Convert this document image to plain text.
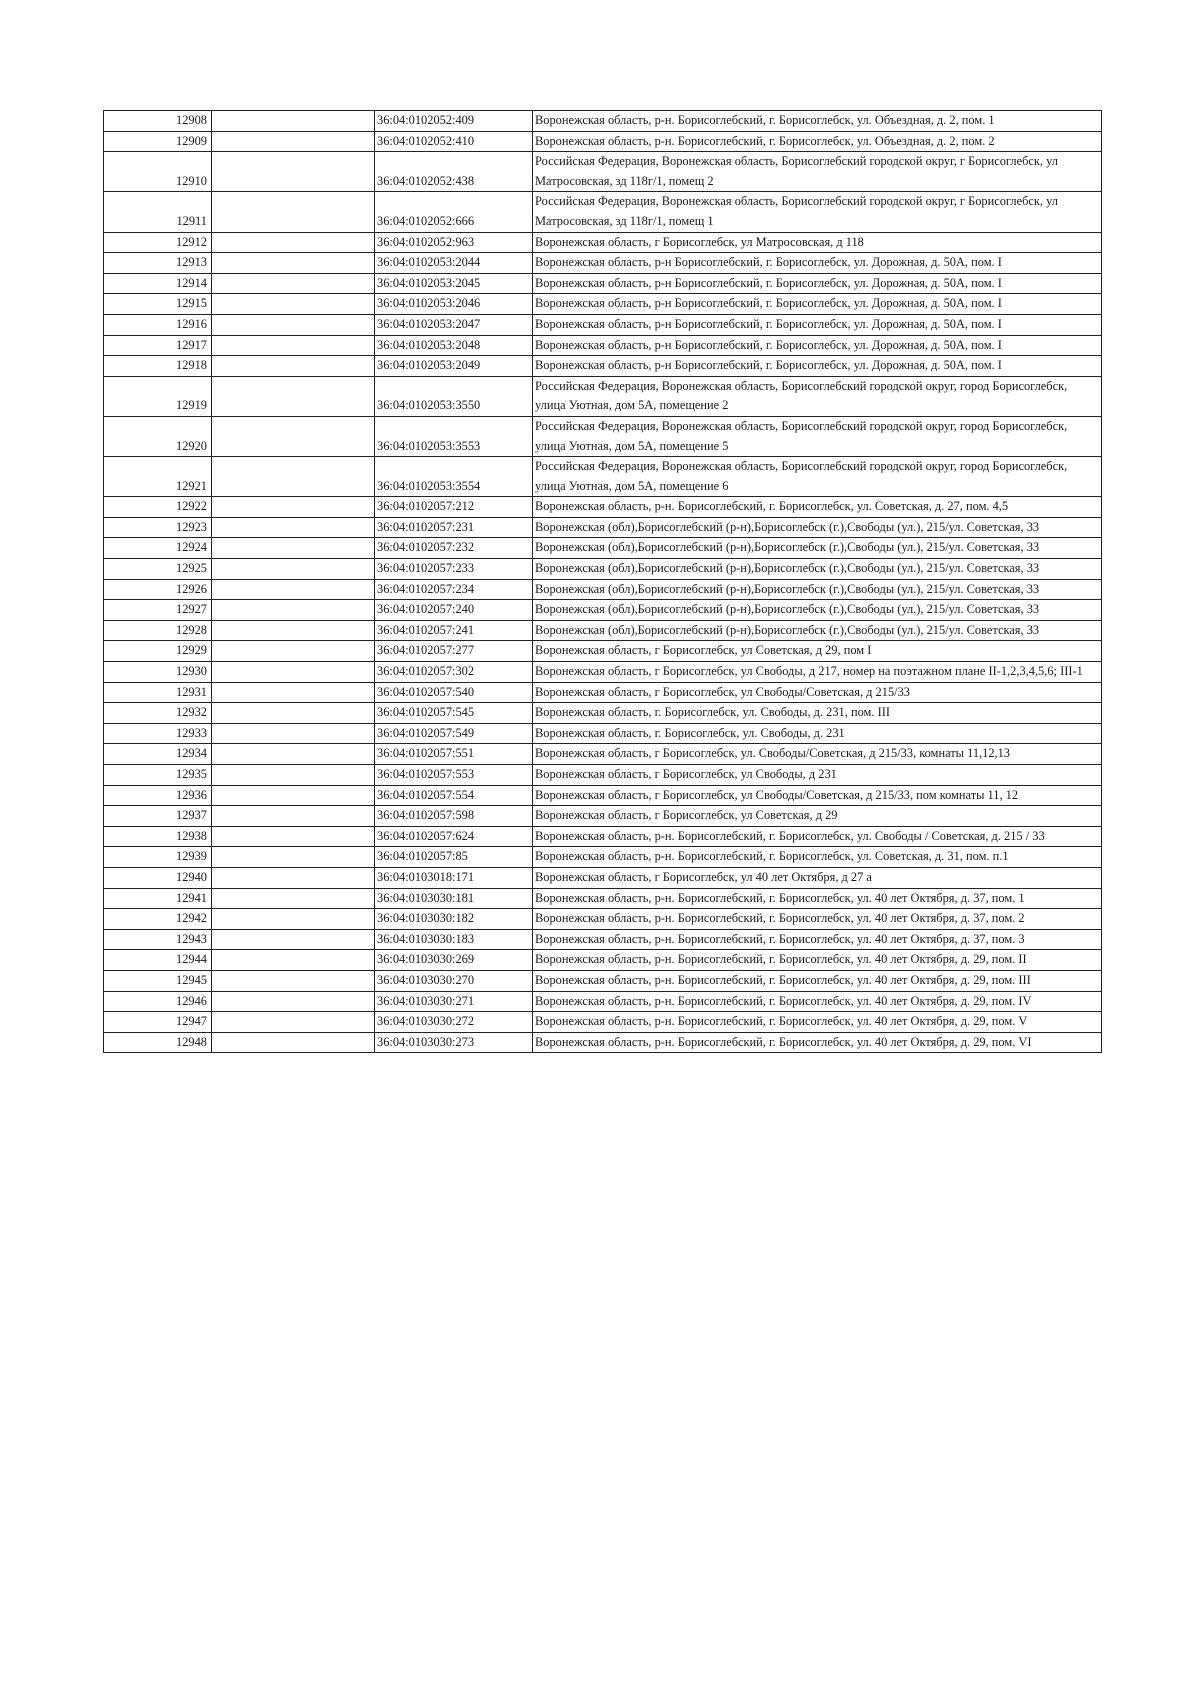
12908		36:04:0102052:409	Воронежская область, р-н. Борисоглебский, г. Борисоглебск, ул. Объездная, д. 2, пом. 1
12909		36:04:0102052:410	Воронежская область, р-н. Борисоглебский, г. Борисоглебск, ул. Объездная, д. 2, пом. 2
12910		36:04:0102052:438	Российская Федерация, Воронежская область, Борисоглебский городской округ, г Борисоглебск, ул Матросовская, зд 118г/1, помещ 2
12911		36:04:0102052:666	Российская Федерация, Воронежская область, Борисоглебский городской округ, г Борисоглебск, ул Матросовская, зд 118г/1, помещ 1
12912		36:04:0102052:963	Воронежская область, г Борисоглебск, ул Матросовская, д 118
12913		36:04:0102053:2044	Воронежская область, р-н Борисоглебский, г. Борисоглебск, ул. Дорожная, д. 50А, пом. I
12914		36:04:0102053:2045	Воронежская область, р-н Борисоглебский, г. Борисоглебск, ул. Дорожная, д. 50А, пом. I
12915		36:04:0102053:2046	Воронежская область, р-н Борисоглебский, г. Борисоглебск, ул. Дорожная, д. 50А, пом. I
12916		36:04:0102053:2047	Воронежская область, р-н Борисоглебский, г. Борисоглебск, ул. Дорожная, д. 50А, пом. I
12917		36:04:0102053:2048	Воронежская область, р-н Борисоглебский, г. Борисоглебск, ул. Дорожная, д. 50А, пом. I
12918		36:04:0102053:2049	Воронежская область, р-н Борисоглебский, г. Борисоглебск, ул. Дорожная, д. 50А, пом. I
12919		36:04:0102053:3550	Российская Федерация, Воронежская область, Борисоглебский городской округ, город Борисоглебск, улица Уютная, дом 5А, помещение 2
12920		36:04:0102053:3553	Российская Федерация, Воронежская область, Борисоглебский городской округ, город Борисоглебск, улица Уютная, дом 5А, помещение 5
12921		36:04:0102053:3554	Российская Федерация, Воронежская область, Борисоглебский городской округ, город Борисоглебск, улица Уютная, дом 5А, помещение 6
12922		36:04:0102057:212	Воронежская область, р-н. Борисоглебский, г. Борисоглебск, ул. Советская, д. 27, пом. 4,5
12923		36:04:0102057:231	Воронежская (обл),Борисоглебский (р-н),Борисоглебск (г.),Свободы (ул.), 215/ул. Советская, 33
12924		36:04:0102057:232	Воронежская (обл),Борисоглебский (р-н),Борисоглебск (г.),Свободы (ул.), 215/ул. Советская, 33
12925		36:04:0102057:233	Воронежская (обл),Борисоглебский (р-н),Борисоглебск (г.),Свободы (ул.), 215/ул. Советская, 33
12926		36:04:0102057:234	Воронежская (обл),Борисоглебский (р-н),Борисоглебск (г.),Свободы (ул.), 215/ул. Советская, 33
12927		36:04:0102057:240	Воронежская (обл),Борисоглебский (р-н),Борисоглебск (г.),Свободы (ул.), 215/ул. Советская, 33
12928		36:04:0102057:241	Воронежская (обл),Борисоглебский (р-н),Борисоглебск (г.),Свободы (ул.), 215/ул. Советская, 33
12929		36:04:0102057:277	Воронежская область, г Борисоглебск, ул Советская, д 29, пом I
12930		36:04:0102057:302	Воронежская область, г Борисоглебск, ул Свободы, д 217, номер на поэтажном плане II-1,2,3,4,5,6; III-1
12931		36:04:0102057:540	Воронежская область, г Борисоглебск, ул Свободы/Советская, д 215/33
12932		36:04:0102057:545	Воронежская область, г. Борисоглебск, ул. Свободы, д. 231, пом. III
12933		36:04:0102057:549	Воронежская область, г. Борисоглебск, ул. Свободы, д. 231
12934		36:04:0102057:551	Воронежская область, г Борисоглебск, ул. Свободы/Советская, д 215/33, комнаты 11,12,13
12935		36:04:0102057:553	Воронежская область, г Борисоглебск, ул Свободы, д 231
12936		36:04:0102057:554	Воронежская область, г Борисоглебск, ул Свободы/Советская, д 215/33, пом комнаты 11, 12
12937		36:04:0102057:598	Воронежская область, г Борисоглебск, ул Советская, д 29
12938		36:04:0102057:624	Воронежская область, р-н. Борисоглебский, г. Борисоглебск, ул. Свободы / Советская, д. 215 / 33
12939		36:04:0102057:85	Воронежская область, р-н. Борисоглебский, г. Борисоглебск, ул. Советская, д. 31, пом. п.1
12940		36:04:0103018:171	Воронежская область, г Борисоглебск, ул 40 лет Октября, д 27 а
12941		36:04:0103030:181	Воронежская область, р-н. Борисоглебский, г. Борисоглебск, ул. 40 лет Октября, д. 37, пом. 1
12942		36:04:0103030:182	Воронежская область, р-н. Борисоглебский, г. Борисоглебск, ул. 40 лет Октября, д. 37, пом. 2
12943		36:04:0103030:183	Воронежская область, р-н. Борисоглебский, г. Борисоглебск, ул. 40 лет Октября, д. 37, пом. 3
12944		36:04:0103030:269	Воронежская область, р-н. Борисоглебский, г. Борисоглебск, ул. 40 лет Октября, д. 29, пом. II
12945		36:04:0103030:270	Воронежская область, р-н. Борисоглебский, г. Борисоглебск, ул. 40 лет Октября, д. 29, пом. III
12946		36:04:0103030:271	Воронежская область, р-н. Борисоглебский, г. Борисоглебск, ул. 40 лет Октября, д. 29, пом. IV
12947		36:04:0103030:272	Воронежская область, р-н. Борисоглебский, г. Борисоглебск, ул. 40 лет Октября, д. 29, пом. V
12948		36:04:0103030:273	Воронежская область, р-н. Борисоглебский, г. Борисоглебск, ул. 40 лет Октября, д. 29, пом. VI
